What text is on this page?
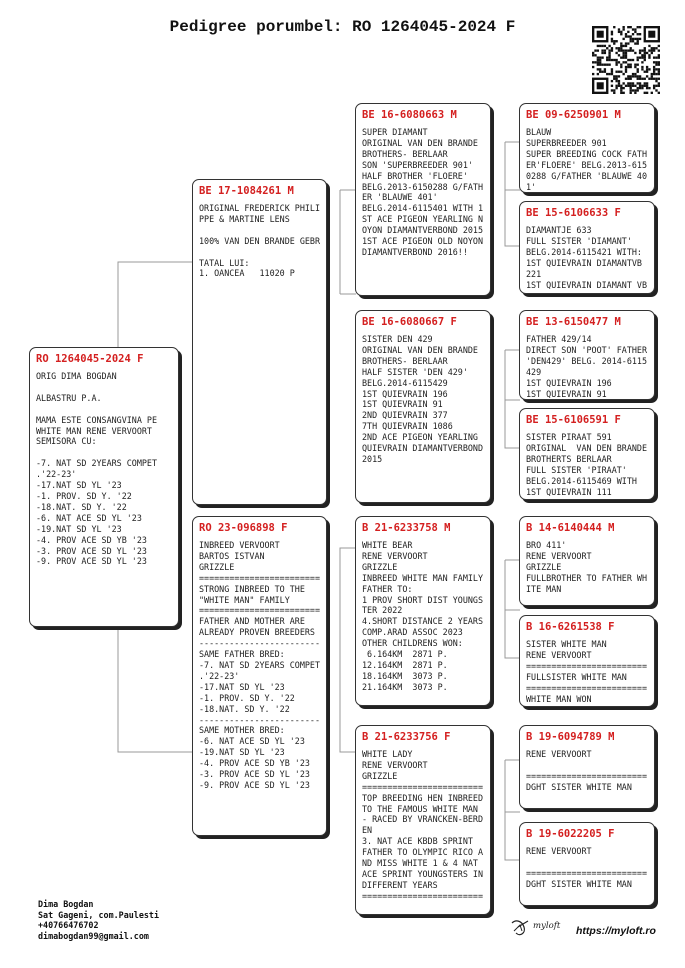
Pedigree porumbel: RO 1264045-2024 F
RO 1264045-2024 F
ORIG DIMA BOGDAN

ALBASTRU P.A.

MAMA ESTE CONSANGVINA PE
WHITE MAN RENE VERVOORT
SEMISORA CU:

-7. NAT SD 2YEARS COMPET
.'22-23'
-17.NAT SD YL '23
-1. PROV. SD Y. '22
-18.NAT. SD Y. '22
-6. NAT ACE SD YL '23
-19.NAT SD YL '23
-4. PROV ACE SD YB '23
-3. PROV ACE SD YL '23
-9. PROV ACE SD YL '23
BE 17-1084261 M
ORIGINAL FREDERICK PHILI
PPE & MARTINE LENS

100% VAN DEN BRANDE GEBR

TATAL LUI:
1. OANCEA   11020 P
RO 23-096898 F
INBREED VERVOORT
BARTOS ISTVAN
GRIZZLE
========================
STRONG INBREED TO THE
"WHITE MAN" FAMILY
========================
FATHER AND MOTHER ARE
ALREADY PROVEN BREEDERS
------------------------
SAME FATHER BRED:
-7. NAT SD 2YEARS COMPET
.'22-23'
-17.NAT SD YL '23
-1. PROV. SD Y. '22
-18.NAT. SD Y. '22
------------------------
SAME MOTHER BRED:
-6. NAT ACE SD YL '23
-19.NAT SD YL '23
-4. PROV ACE SD YB '23
-3. PROV ACE SD YL '23
-9. PROV ACE SD YL '23
BE 16-6080663 M
SUPER DIAMANT
ORIGINAL VAN DEN BRANDE
BROTHERS- BERLAAR
SON 'SUPERBREEDER 901'
HALF BROTHER 'FLOERE'
BELG.2013-6150288 G/FATH
ER 'BLAUWE 401'
BELG.2014-6115401 WITH 1
ST ACE PIGEON YEARLING N
OYON DIAMANTVERBOND 2015
1ST ACE PIGEON OLD NOYON
DIAMANTVERBOND 2016!!
BE 16-6080667 F
SISTER DEN 429
ORIGINAL VAN DEN BRANDE
BROTHERS- BERLAAR
HALF SISTER 'DEN 429'
BELG.2014-6115429
1ST QUIEVRAIN 196
1ST QUIEVRAIN 91
2ND QUIEVRAIN 377
7TH QUIEVRAIN 1086
2ND ACE PIGEON YEARLING
QUIEVRAIN DIAMANTVERBOND
2015
B 21-6233758 M
WHITE BEAR
RENE VERVOORT
GRIZZLE
INBREED WHITE MAN FAMILY
FATHER TO:
1 PROV SHORT DIST YOUNGS
TER 2022
4.SHORT DISTANCE 2 YEARS
COMP.ARAD ASSOC 2023
OTHER CHILDRENS WON:
6.164KM  2871 P.
12.164KM  2871 P.
18.164KM  3073 P.
21.164KM  3073 P.
B 21-6233756 F
WHITE LADY
RENE VERVOORT
GRIZZLE
========================
TOP BREEDING HEN INBREED
TO THE FAMOUS WHITE MAN
- RACED BY VRANCKEN-BERD
EN
3. NAT ACE KBDB SPRINT
FATHER TO OLYMPIC RICO A
ND MISS WHITE 1 & 4 NAT
ACE SPRINT YOUNGSTERS IN
DIFFERENT YEARS
========================
BE 09-6250901 M
BLAUW
SUPERBREEDER 901
SUPER BREEDING COCK FATH
ER'FLOERE' BELG.2013-615
0288 G/FATHER 'BLAUWE 40
1'
BE 15-6106633 F
DIAMANTJE 633
FULL SISTER 'DIAMANT'
BELG.2014-6115421 WITH:
1ST QUIEVRAIN DIAMANTVB
221
1ST QUIEVRAIN DIAMANT VB
BE 13-6150477 M
FATHER 429/14
DIRECT SON 'POOT' FATHER
'DEN429' BELG. 2014-6115
429
1ST QUIEVRAIN 196
1ST QUIEVRAIN 91
BE 15-6106591 F
SISTER PIRAAT 591
ORIGINAL  VAN DEN BRANDE
BROTHERTS BERLAAR
FULL SISTER 'PIRAAT'
BELG.2014-6115469 WITH
1ST QUIEVRAIN 111
B 14-6140444 M
BRO 411'
RENE VERVOORT
GRIZZLE
FULLBROTHER TO FATHER WH
ITE MAN
B 16-6261538 F
SISTER WHITE MAN
RENE VERVOORT
========================
FULLSISTER WHITE MAN
========================
WHITE MAN WON
B 19-6094789 M
RENE VERVOORT

========================
DGHT SISTER WHITE MAN
B 19-6022205 F
RENE VERVOORT

========================
DGHT SISTER WHITE MAN
Dima Bogdan
Sat Gageni, com.Paulesti
+40766476702
dimabogdan99@gmail.com
myloft https://myloft.ro
